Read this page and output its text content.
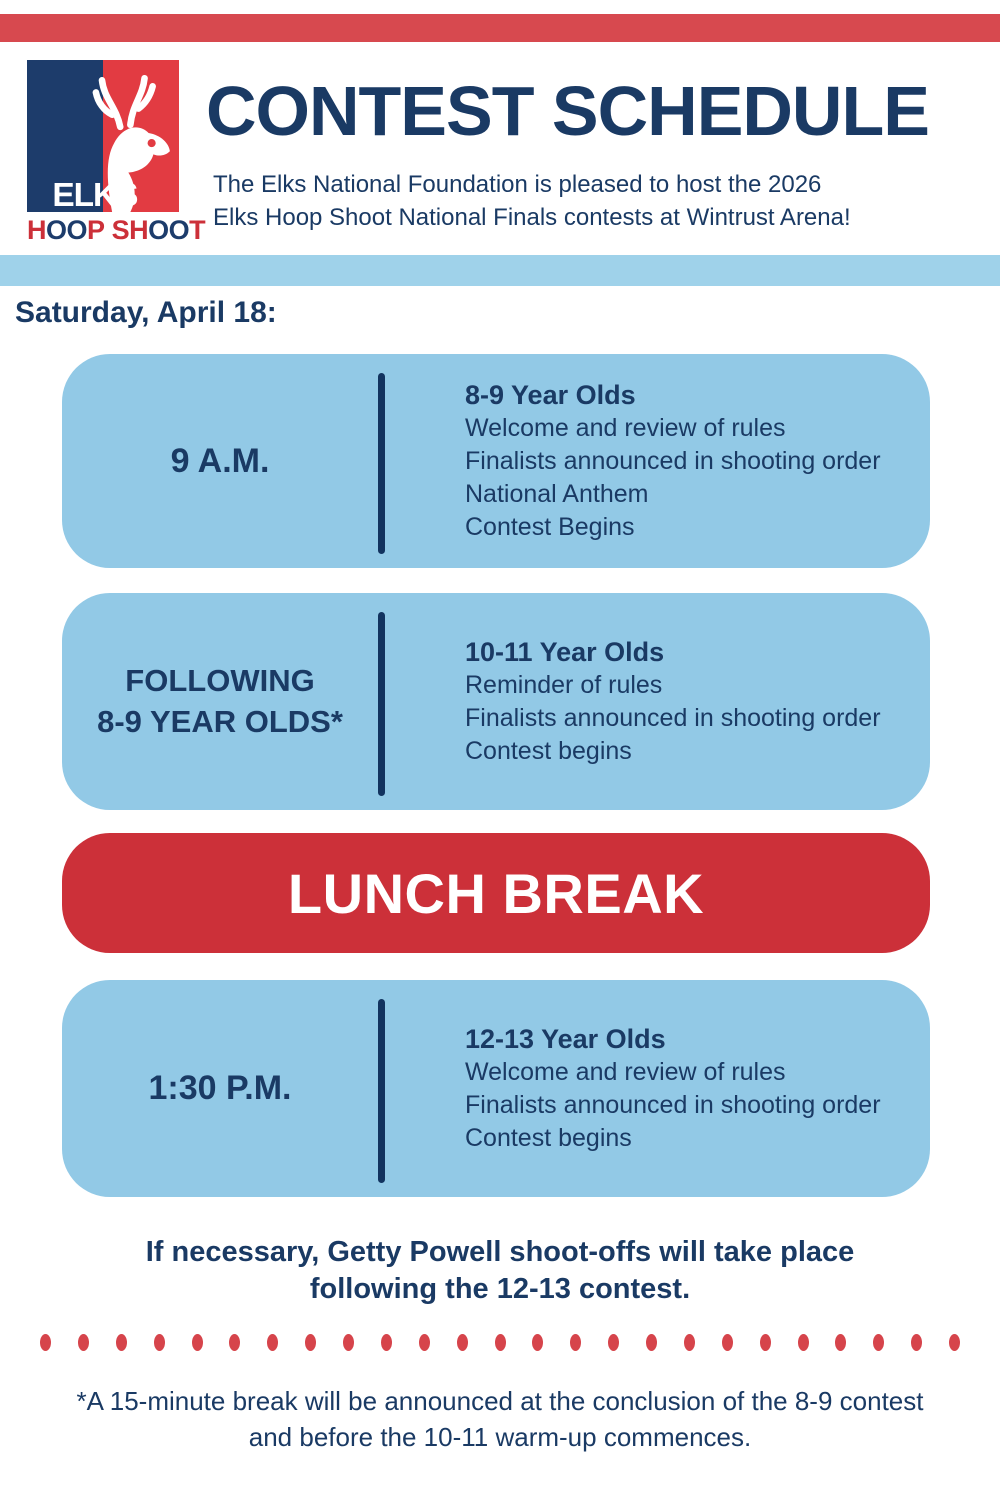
ELKS
HOOP SHOOT
CONTEST SCHEDULE
The Elks National Foundation is pleased to host the 2026
Elks Hoop Shoot National Finals contests at Wintrust Arena!
Saturday, April 18:
9 A.M.
8-9 Year Olds
Welcome and review of rules
Finalists announced in shooting order
National Anthem
Contest Begins
FOLLOWING
8-9 YEAR OLDS*
10-11 Year Olds
Reminder of rules
Finalists announced in shooting order
Contest begins
LUNCH BREAK
1:30 P.M.
12-13 Year Olds
Welcome and review of rules
Finalists announced in shooting order
Contest begins
If necessary, Getty Powell shoot-offs will take place
following the 12-13 contest.
*A 15-minute break will be announced at the conclusion of the 8-9 contest
and before the 10-11 warm-up commences.
